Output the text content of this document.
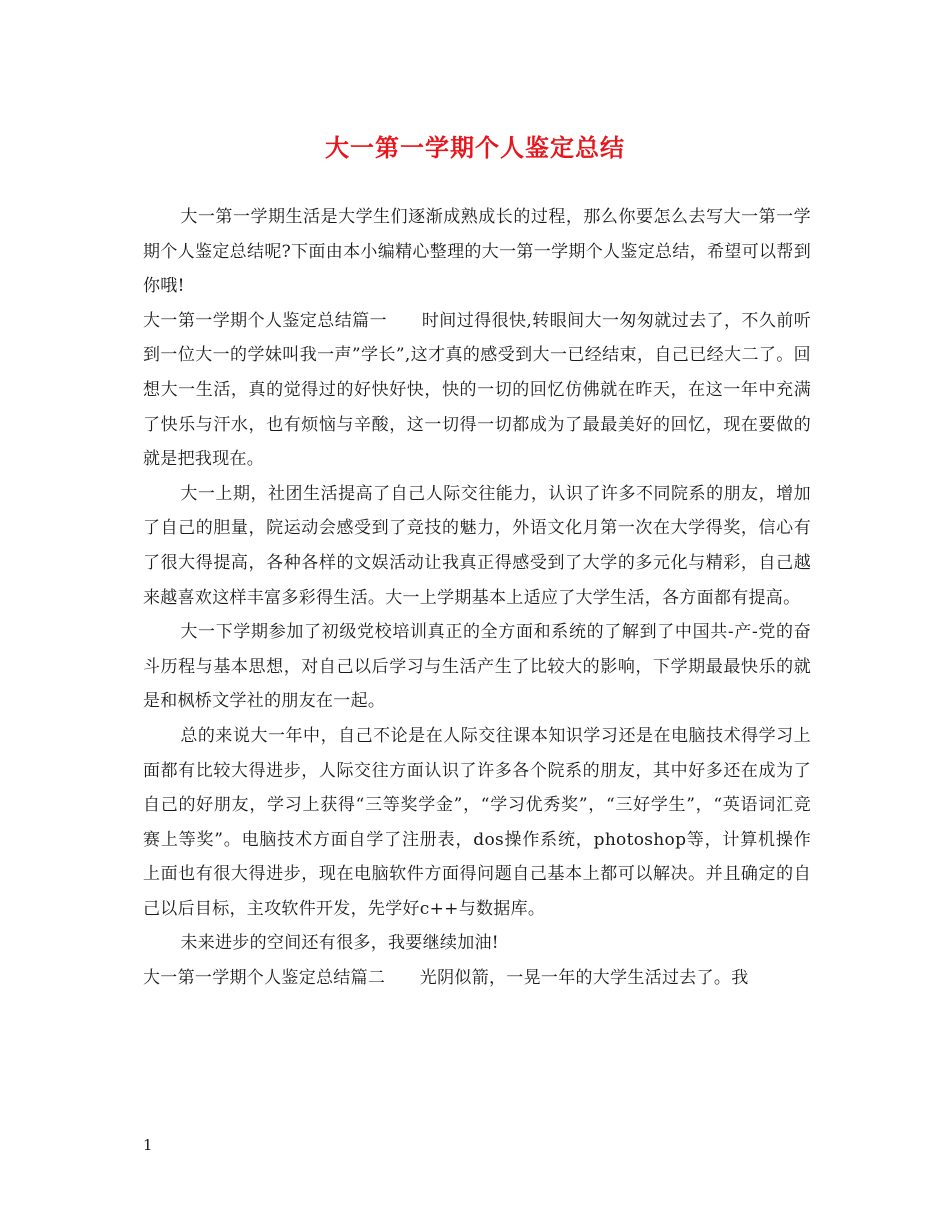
大一第一学期个人鉴定总结

大一第一学期生活是大学生们逐渐成熟成长的过程，那么你要怎么去写大一第一学期个人鉴定总结呢?下面由本小编精心整理的大一第一学期个人鉴定总结，希望可以帮到你哦!

大一第一学期个人鉴定总结篇一　　时间过得很快,转眼间大一匆匆就过去了，不久前听到一位大一的学妹叫我一声”学长”,这才真的感受到大一已经结束，自己已经大二了。回想大一生活，真的觉得过的好快好快，快的一切的回忆仿佛就在昨天，在这一年中充满了快乐与汗水，也有烦恼与辛酸，这一切得一切都成为了最最美好的回忆，现在要做的就是把我现在。

大一上期，社团生活提高了自己人际交往能力，认识了许多不同院系的朋友，增加了自己的胆量，院运动会感受到了竞技的魅力，外语文化月第一次在大学得奖，信心有了很大得提高，各种各样的文娱活动让我真正得感受到了大学的多元化与精彩，自己越来越喜欢这样丰富多彩得生活。大一上学期基本上适应了大学生活，各方面都有提高。

大一下学期参加了初级党校培训真正的全方面和系统的了解到了中国共-产-党的奋斗历程与基本思想，对自己以后学习与生活产生了比较大的影响，下学期最最快乐的就是和枫桥文学社的朋友在一起。

总的来说大一年中，自己不论是在人际交往课本知识学习还是在电脑技术得学习上面都有比较大得进步，人际交往方面认识了许多各个院系的朋友，其中好多还在成为了自己的好朋友，学习上获得“三等奖学金”，“学习优秀奖”，“三好学生”，“英语词汇竞赛上等奖”。电脑技术方面自学了注册表，dos操作系统，photoshop等，计算机操作上面也有很大得进步，现在电脑软件方面得问题自己基本上都可以解决。并且确定的自己以后目标，主攻软件开发，先学好c++与数据库。

未来进步的空间还有很多，我要继续加油!

大一第一学期个人鉴定总结篇二　　光阴似箭，一晃一年的大学生活过去了。我

1
